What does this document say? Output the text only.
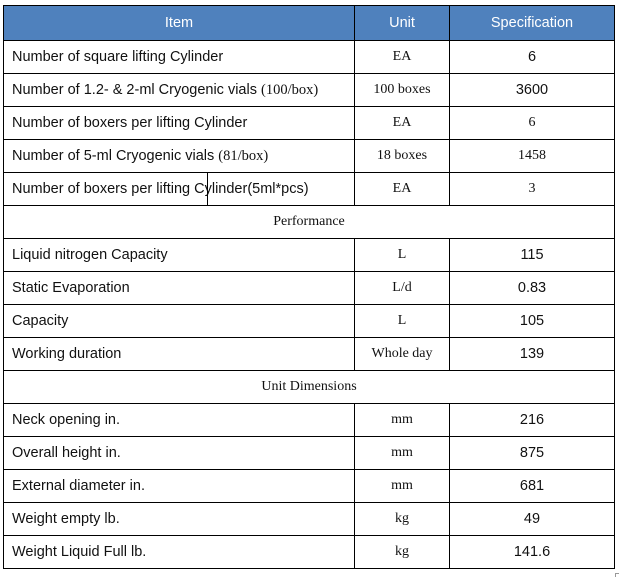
Item	Unit	Specification
Number of square lifting Cylinder	EA	6
Number of 1.2- & 2-ml Cryogenic vials (100/box)	100 boxes	3600
Number of boxers per lifting Cylinder	EA	6
Number of 5-ml Cryogenic vials (81/box)	18 boxes	1458
Number of boxers per lifting Cylinder(5ml*pcs)	EA	3
Performance		
Liquid nitrogen Capacity	L	115
Static Evaporation	L/d	0.83
Capacity	L	105
Working duration	Whole day	139
Unit Dimensions		
Neck opening in.	mm	216
Overall height in.	mm	875
External diameter in.	mm	681
Weight empty lb.	kg	49
Weight Liquid Full lb.	kg	141.6
